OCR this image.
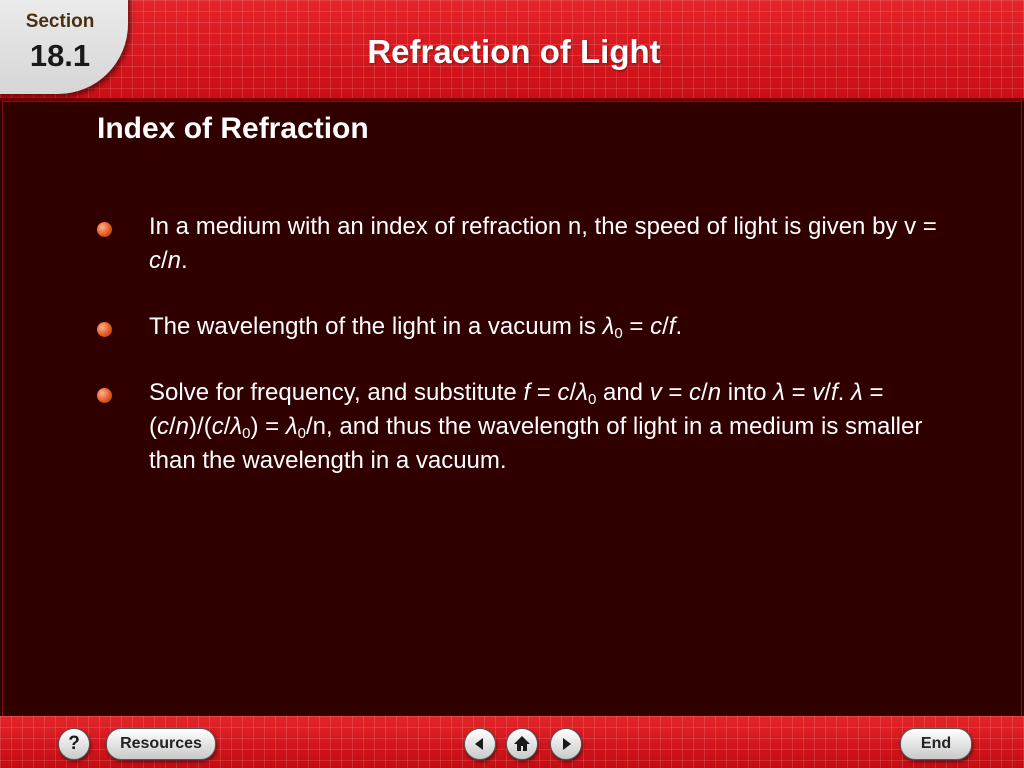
Section
18.1	Refraction of Light
Index of Refraction
In a medium with an index of refraction n, the speed of light is given by v = c/n.
The wavelength of the light in a vacuum is $\lambda_0 = c/f$.
Solve for frequency, and substitute $f = c/\lambda_0$ and v = c/n into λ = v/f. $\lambda = (c/n)/(c/\lambda_0) = \lambda_0/n$, and thus the wavelength of light in a medium is smaller than the wavelength in a vacuum.
?	Resources	End
